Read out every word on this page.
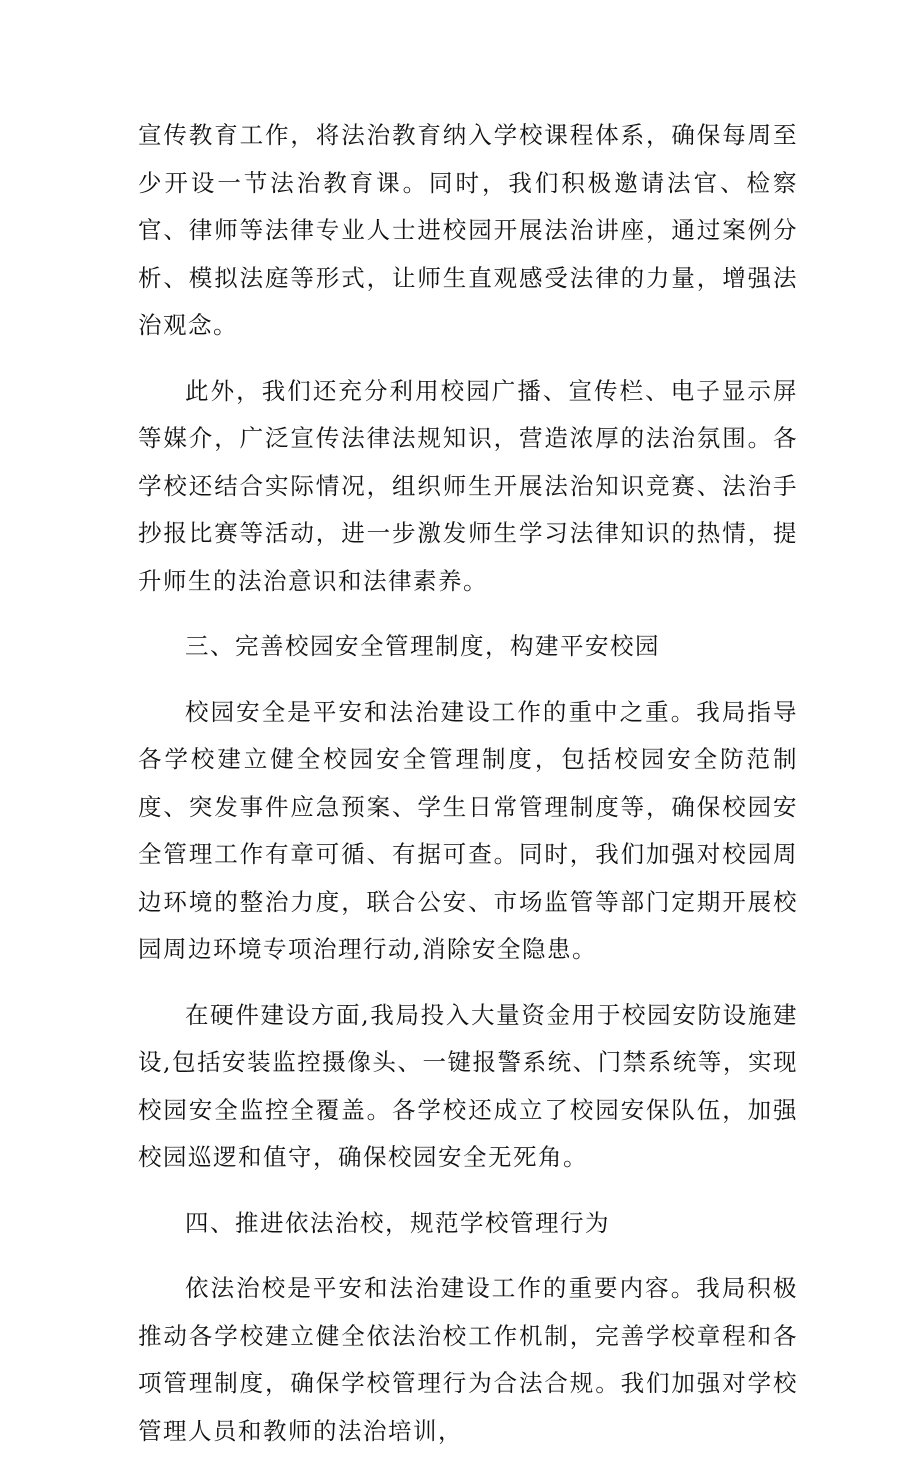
宣传教育工作，将法治教育纳入学校课程体系，确保每周至少开设一节法治教育课。同时，我们积极邀请法官、检察官、律师等法律专业人士进校园开展法治讲座，通过案例分析、模拟法庭等形式，让师生直观感受法律的力量，增强法治观念。

此外，我们还充分利用校园广播、宣传栏、电子显示屏等媒介，广泛宣传法律法规知识，营造浓厚的法治氛围。各学校还结合实际情况，组织师生开展法治知识竞赛、法治手抄报比赛等活动，进一步激发师生学习法律知识的热情，提升师生的法治意识和法律素养。

三、完善校园安全管理制度，构建平安校园

校园安全是平安和法治建设工作的重中之重。我局指导各学校建立健全校园安全管理制度，包括校园安全防范制度、突发事件应急预案、学生日常管理制度等，确保校园安全管理工作有章可循、有据可查。同时，我们加强对校园周边环境的整治力度，联合公安、市场监管等部门定期开展校园周边环境专项治理行动,消除安全隐患。

在硬件建设方面,我局投入大量资金用于校园安防设施建设,包括安装监控摄像头、一键报警系统、门禁系统等，实现校园安全监控全覆盖。各学校还成立了校园安保队伍，加强校园巡逻和值守，确保校园安全无死角。

四、推进依法治校，规范学校管理行为

依法治校是平安和法治建设工作的重要内容。我局积极推动各学校建立健全依法治校工作机制，完善学校章程和各项管理制度，确保学校管理行为合法合规。我们加强对学校管理人员和教师的法治培训，
